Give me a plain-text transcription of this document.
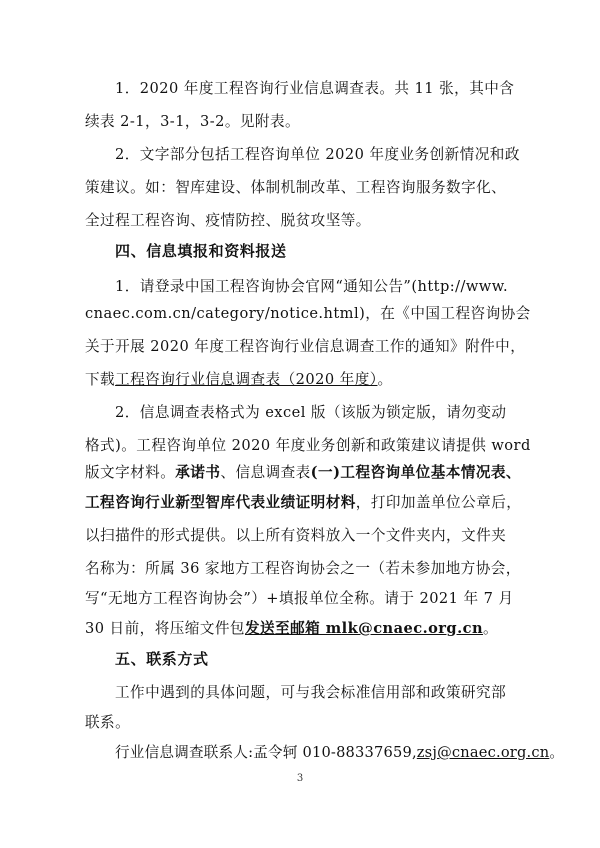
1．2020 年度工程咨询行业信息调查表。共 11 张，其中含
续表 2-1，3-1，3-2。见附表。
2．文字部分包括工程咨询单位 2020 年度业务创新情况和政
策建议。如：智库建设、体制机制改革、工程咨询服务数字化、
全过程工程咨询、疫情防控、脱贫攻坚等。
四、信息填报和资料报送
1．请登录中国工程咨询协会官网“通知公告”(http://www.
cnaec.com.cn/category/notice.html)，在《中国工程咨询协会
关于开展 2020 年度工程咨询行业信息调查工作的通知》附件中，
下载工程咨询行业信息调查表（2020 年度）。
2．信息调查表格式为 excel 版（该版为锁定版，请勿变动
格式)。工程咨询单位 2020 年度业务创新和政策建议请提供 word
版文字材料。承诺书、信息调查表(一)工程咨询单位基本情况表、
工程咨询行业新型智库代表业绩证明材料，打印加盖单位公章后，
以扫描件的形式提供。以上所有资料放入一个文件夹内，文件夹
名称为：所属 36 家地方工程咨询协会之一（若未参加地方协会，
写“无地方工程咨询协会”）+填报单位全称。请于 2021 年 7 月
30 日前，将压缩文件包发送至邮箱 mlk@cnaec.org.cn。
五、联系方式
工作中遇到的具体问题，可与我会标准信用部和政策研究部
联系。
行业信息调查联系人:孟令轲 010-88337659,zsj@cnaec.org.cn。
3
